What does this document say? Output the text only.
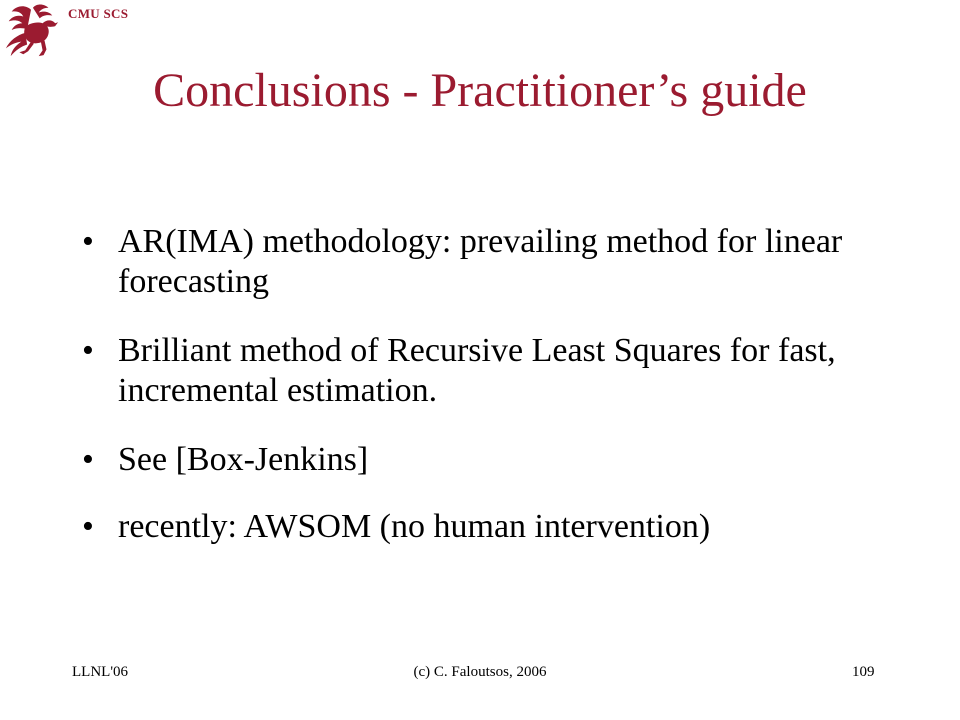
CMU SCS
Conclusions - Practitioner’s guide
• AR(IMA) methodology: prevailing method for linear forecasting
• Brilliant method of Recursive Least Squares for fast, incremental estimation.
• See [Box-Jenkins]
• recently: AWSOM (no human intervention)
LLNL'06	(c) C. Faloutsos, 2006	109
